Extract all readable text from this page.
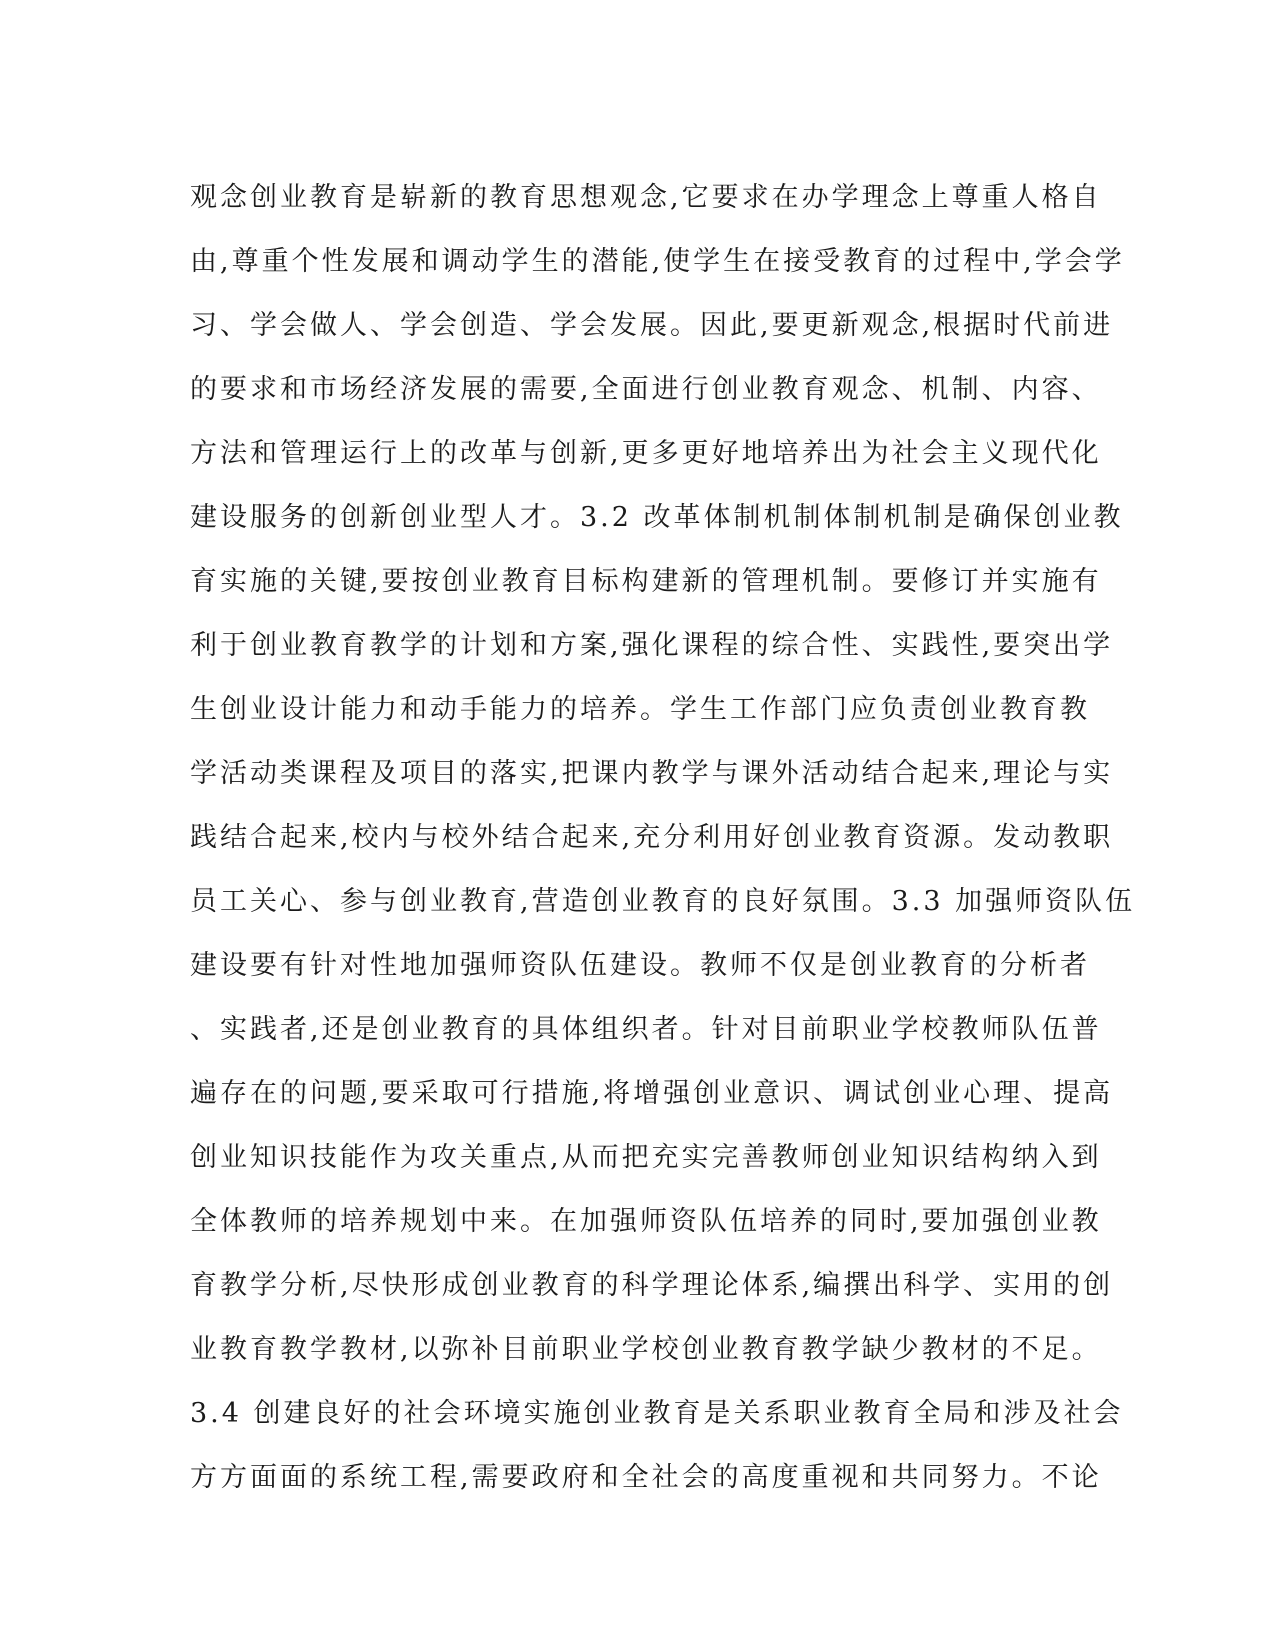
观念创业教育是崭新的教育思想观念,它要求在办学理念上尊重人格自
由,尊重个性发展和调动学生的潜能,使学生在接受教育的过程中,学会学
习、学会做人、学会创造、学会发展。因此,要更新观念,根据时代前进
的要求和市场经济发展的需要,全面进行创业教育观念、机制、内容、
方法和管理运行上的改革与创新,更多更好地培养出为社会主义现代化
建设服务的创新创业型人才。3.2 改革体制机制体制机制是确保创业教
育实施的关键,要按创业教育目标构建新的管理机制。要修订并实施有
利于创业教育教学的计划和方案,强化课程的综合性、实践性,要突出学
生创业设计能力和动手能力的培养。学生工作部门应负责创业教育教
学活动类课程及项目的落实,把课内教学与课外活动结合起来,理论与实
践结合起来,校内与校外结合起来,充分利用好创业教育资源。发动教职
员工关心、参与创业教育,营造创业教育的良好氛围。3.3 加强师资队伍
建设要有针对性地加强师资队伍建设。教师不仅是创业教育的分析者
、实践者,还是创业教育的具体组织者。针对目前职业学校教师队伍普
遍存在的问题,要采取可行措施,将增强创业意识、调试创业心理、提高
创业知识技能作为攻关重点,从而把充实完善教师创业知识结构纳入到
全体教师的培养规划中来。在加强师资队伍培养的同时,要加强创业教
育教学分析,尽快形成创业教育的科学理论体系,编撰出科学、实用的创
业教育教学教材,以弥补目前职业学校创业教育教学缺少教材的不足。
3.4 创建良好的社会环境实施创业教育是关系职业教育全局和涉及社会
方方面面的系统工程,需要政府和全社会的高度重视和共同努力。不论
